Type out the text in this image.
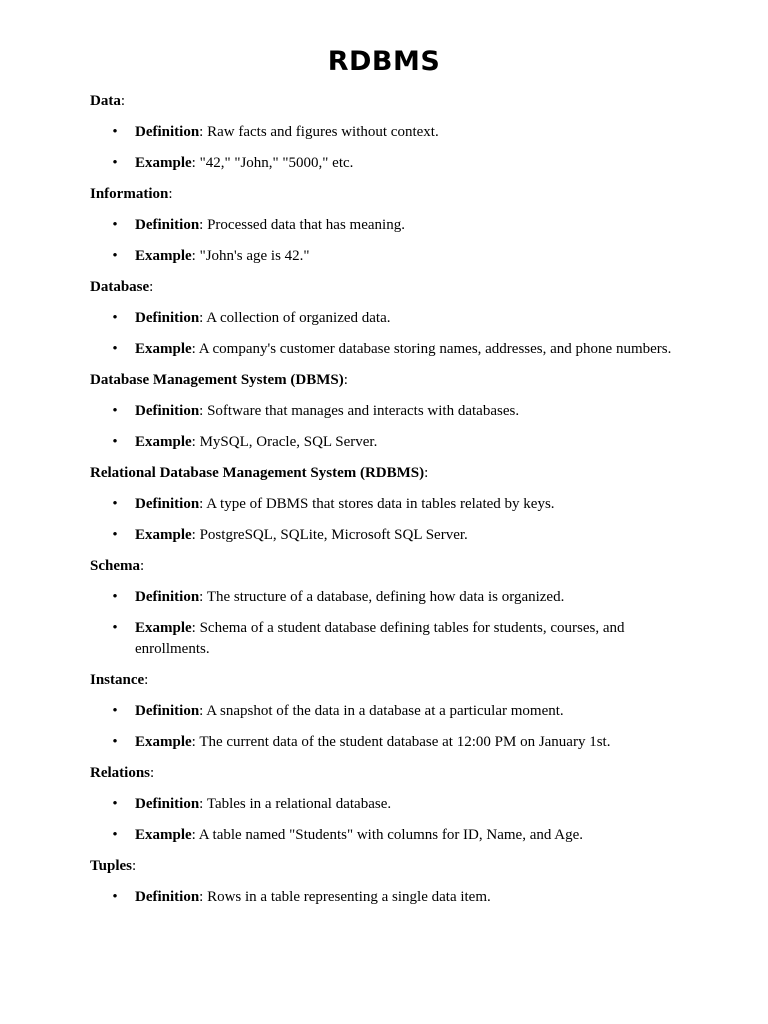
RDBMS

Data:

• Definition: Raw facts and figures without context.
• Example: "42," "John," "5000," etc.

Information:

• Definition: Processed data that has meaning.
• Example: "John's age is 42."

Database:

• Definition: A collection of organized data.
• Example: A company's customer database storing names, addresses, and phone numbers.

Database Management System (DBMS):

• Definition: Software that manages and interacts with databases.
• Example: MySQL, Oracle, SQL Server.

Relational Database Management System (RDBMS):

• Definition: A type of DBMS that stores data in tables related by keys.
• Example: PostgreSQL, SQLite, Microsoft SQL Server.

Schema:

• Definition: The structure of a database, defining how data is organized.
• Example: Schema of a student database defining tables for students, courses, and enrollments.

Instance:

• Definition: A snapshot of the data in a database at a particular moment.
• Example: The current data of the student database at 12:00 PM on January 1st.

Relations:

• Definition: Tables in a relational database.
• Example: A table named "Students" with columns for ID, Name, and Age.

Tuples:

• Definition: Rows in a table representing a single data item.
